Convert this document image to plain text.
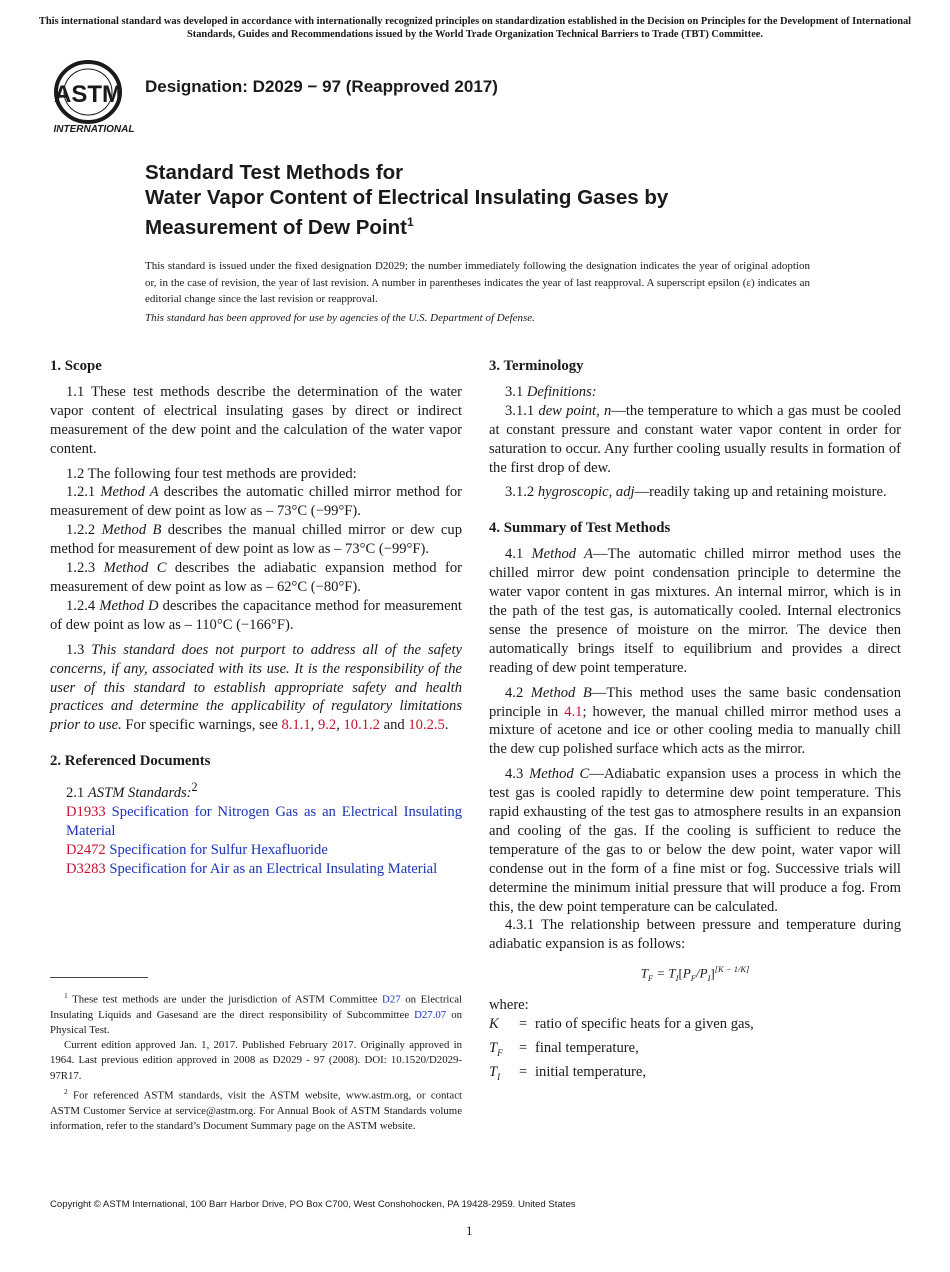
This international standard was developed in accordance with internationally recognized principles on standardization established in the Decision on Principles for the Development of International Standards, Guides and Recommendations issued by the World Trade Organization Technical Barriers to Trade (TBT) Committee.
ASTM
INTERNATIONAL
Designation: D2029 − 97 (Reapproved 2017)
Standard Test Methods for
Water Vapor Content of Electrical Insulating Gases by
Measurement of Dew Point$^1$
This standard is issued under the fixed designation D2029; the number immediately following the designation indicates the year of original adoption or, in the case of revision, the year of last revision. A number in parentheses indicates the year of last reapproval. A superscript epsilon (ε) indicates an editorial change since the last revision or reapproval.
This standard has been approved for use by agencies of the U.S. Department of Defense.
1. Scope

1.1 These test methods describe the determination of the water vapor content of electrical insulating gases by direct or indirect measurement of the dew point and the calculation of the water vapor content.

1.2 The following four test methods are provided:

1.2.1 Method A describes the automatic chilled mirror method for measurement of dew point as low as – 73°C (−99°F).

1.2.2 Method B describes the manual chilled mirror or dew cup method for measurement of dew point as low as – 73°C (−99°F).

1.2.3 Method C describes the adiabatic expansion method for measurement of dew point as low as – 62°C (−80°F).

1.2.4 Method D describes the capacitance method for measurement of dew point as low as – 110°C (−166°F).

1.3 This standard does not purport to address all of the safety concerns, if any, associated with its use. It is the responsibility of the user of this standard to establish appropriate safety and health practices and determine the applicability of regulatory limitations prior to use. For specific warnings, see 8.1.1, 9.2, 10.1.2 and 10.2.5.

2. Referenced Documents

2.1 ASTM Standards:$^2$

D1933 Specification for Nitrogen Gas as an Electrical Insulating Material

D2472 Specification for Sulfur Hexafluoride

D3283 Specification for Air as an Electrical Insulating Material

$^1$ These test methods are under the jurisdiction of ASTM Committee D27 on Electrical Insulating Liquids and Gasesand are the direct responsibility of Subcommittee D27.07 on Physical Test.

Current edition approved Jan. 1, 2017. Published February 2017. Originally approved in 1964. Last previous edition approved in 2008 as D2029 - 97 (2008). DOI: 10.1520/D2029-97R17.

$^2$ For referenced ASTM standards, visit the ASTM website, www.astm.org, or contact ASTM Customer Service at service@astm.org. For Annual Book of ASTM Standards volume information, refer to the standard’s Document Summary page on the ASTM website.

3. Terminology

3.1 Definitions:

3.1.1 dew point, n—the temperature to which a gas must be cooled at constant pressure and constant water vapor content in order for saturation to occur. Any further cooling usually results in formation of the first drop of dew.

3.1.2 hygroscopic, adj—readily taking up and retaining moisture.

4. Summary of Test Methods

4.1 Method A—The automatic chilled mirror method uses the chilled mirror dew point condensation principle to determine the water vapor content in gas mixtures. An internal mirror, which is in the path of the test gas, is automatically cooled. Internal electronics sense the presence of moisture on the mirror. The device then automatically brings itself to equilibrium and provides a direct reading of dew point temperature.

4.2 Method B—This method uses the same basic condensation principle in 4.1; however, the manual chilled mirror method uses a mixture of acetone and ice or other cooling media to manually chill the dew cup polished surface which acts as the mirror.

4.3 Method C—Adiabatic expansion uses a process in which the test gas is cooled rapidly to determine dew point temperature. This rapid exhausting of the test gas to atmosphere results in an expansion and cooling of the gas. If the cooling is sufficient to reduce the temperature of the gas to or below the dew point, water vapor will condense out in the form of a fine mist or fog. Successive trials will determine the minimum initial pressure that will produce a fog. From this, the dew point temperature can be calculated.

4.3.1 The relationship between pressure and temperature during adiabatic expansion is as follows:

$T_F = T_I[P_F/P_I][K - 1/K]$

where:

K	= ratio of specific heats for a given gas,
$T_F$	= final temperature,
$T_I$	= initial temperature,
Copyright © ASTM International, 100 Barr Harbor Drive, PO Box C700, West Conshohocken, PA 19428-2959. United States
1
